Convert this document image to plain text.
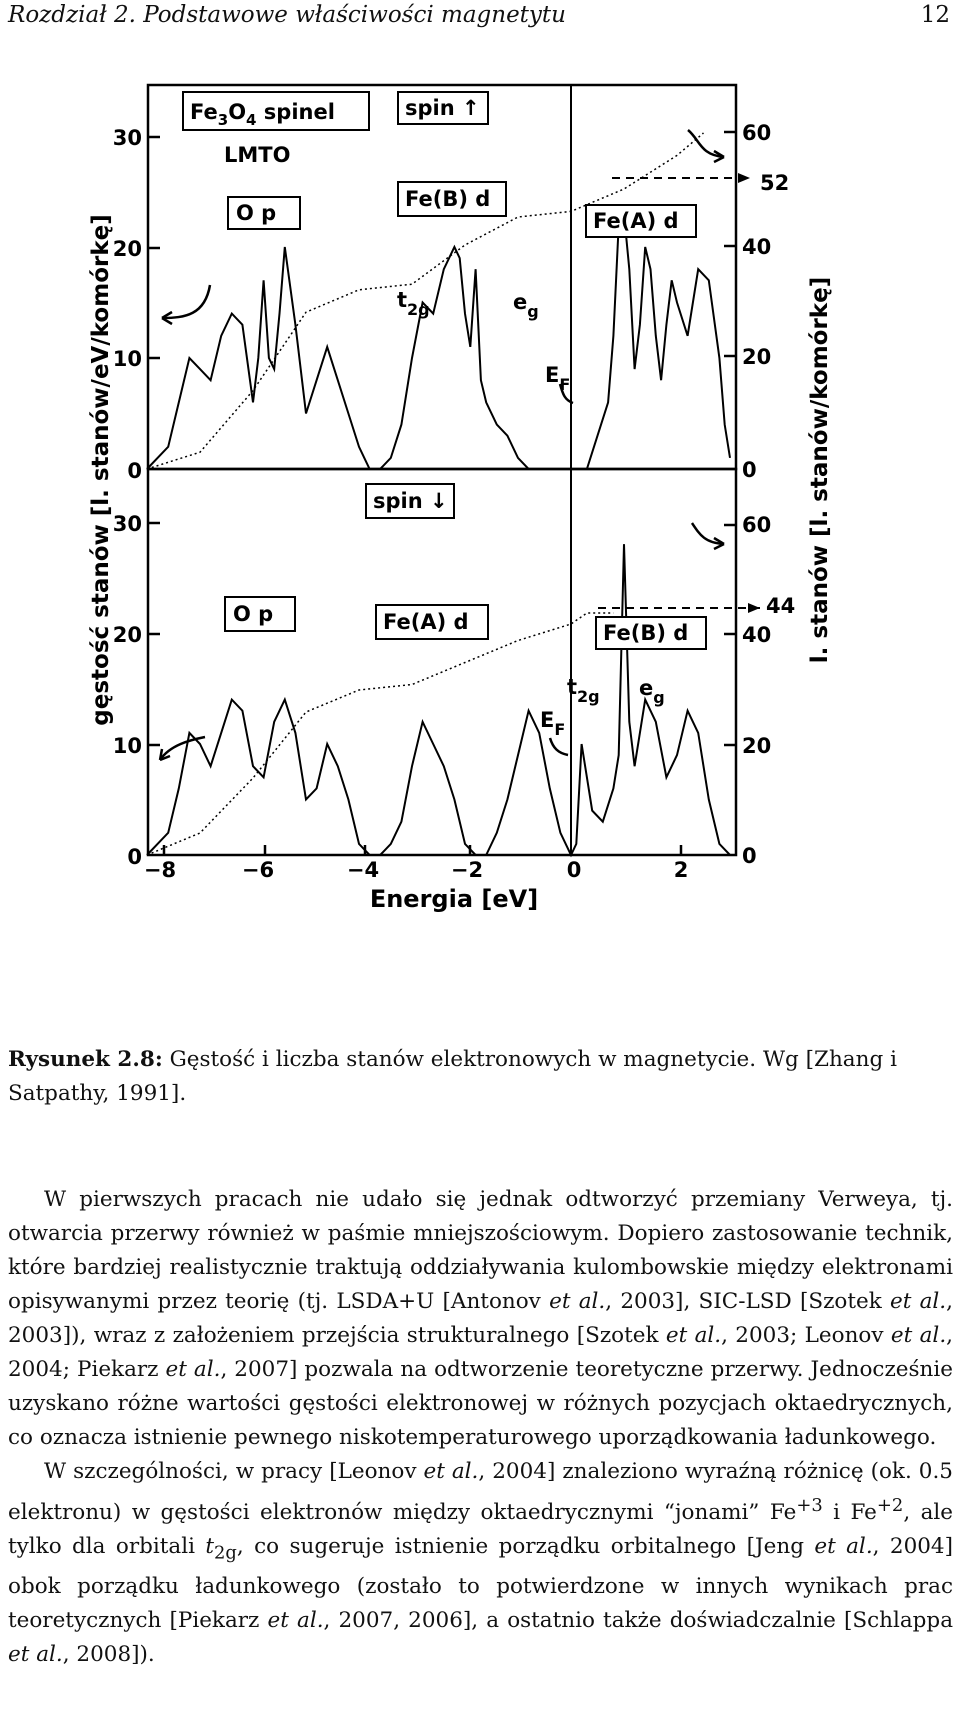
Rozdział 2. Podstawowe właściwości magnetytu	12
30
20
10
0
30
20
10
0
60
52
40
20
0
60
44
40
20
0
−8	−6	−4	−2	0	2
Energia [eV]
gęstość stanów [l. stanów/eV/komórkę]	l. stanów [l. stanów/komórkę]
$Fe_3O_4$ spinel
LMTO
spin ↑
O p
Fe(B) d
Fe(A) d
$t_{2g}$	$e_g$
$E_F$
spin ↓
O p	Fe(A) d	Fe(B) d
$t_{2g}$ $e_g$
$E_F$
Rysunek 2.8: Gęstość i liczba stanów elektronowych w magnetycie. Wg [Zhang i Satpathy, 1991].

W pierwszych pracach nie udało się jednak odtworzyć przemiany Verweya, tj. otwarcia przerwy również w paśmie mniejszościowym. Dopiero zastosowanie technik, które bardziej realistycznie traktują oddziaływania kulombowskie między elektronami opisywanymi przez teorię (tj. LSDA+U [Antonov et al., 2003], SIC-LSD [Szotek et al., 2003]), wraz z założeniem przejścia strukturalnego [Szotek et al., 2003; Leonov et al., 2004; Piekarz et al., 2007] pozwala na odtworzenie teoretyczne przerwy. Jednocześnie uzyskano różne wartości gęstości elektronowej w różnych pozycjach oktaedrycznych, co oznacza istnienie pewnego niskotemperaturowego uporządkowania ładunkowego.

W szczególności, w pracy [Leonov et al., 2004] znaleziono wyraźną różnicę (ok. 0.5 elektronu) w gęstości elektronów między oktaedrycznymi “jonami” $Fe^{+3}$ i $Fe^{+2}$, ale tylko dla orbitali $t_{2g}$, co sugeruje istnienie porządku orbitalnego [Jeng et al., 2004] obok porządku ładunkowego (zostało to potwierdzone w innych wynikach prac teoretycznych [Piekarz et al., 2007, 2006], a ostatnio także doświadczalnie [Schlappa et al., 2008]).
